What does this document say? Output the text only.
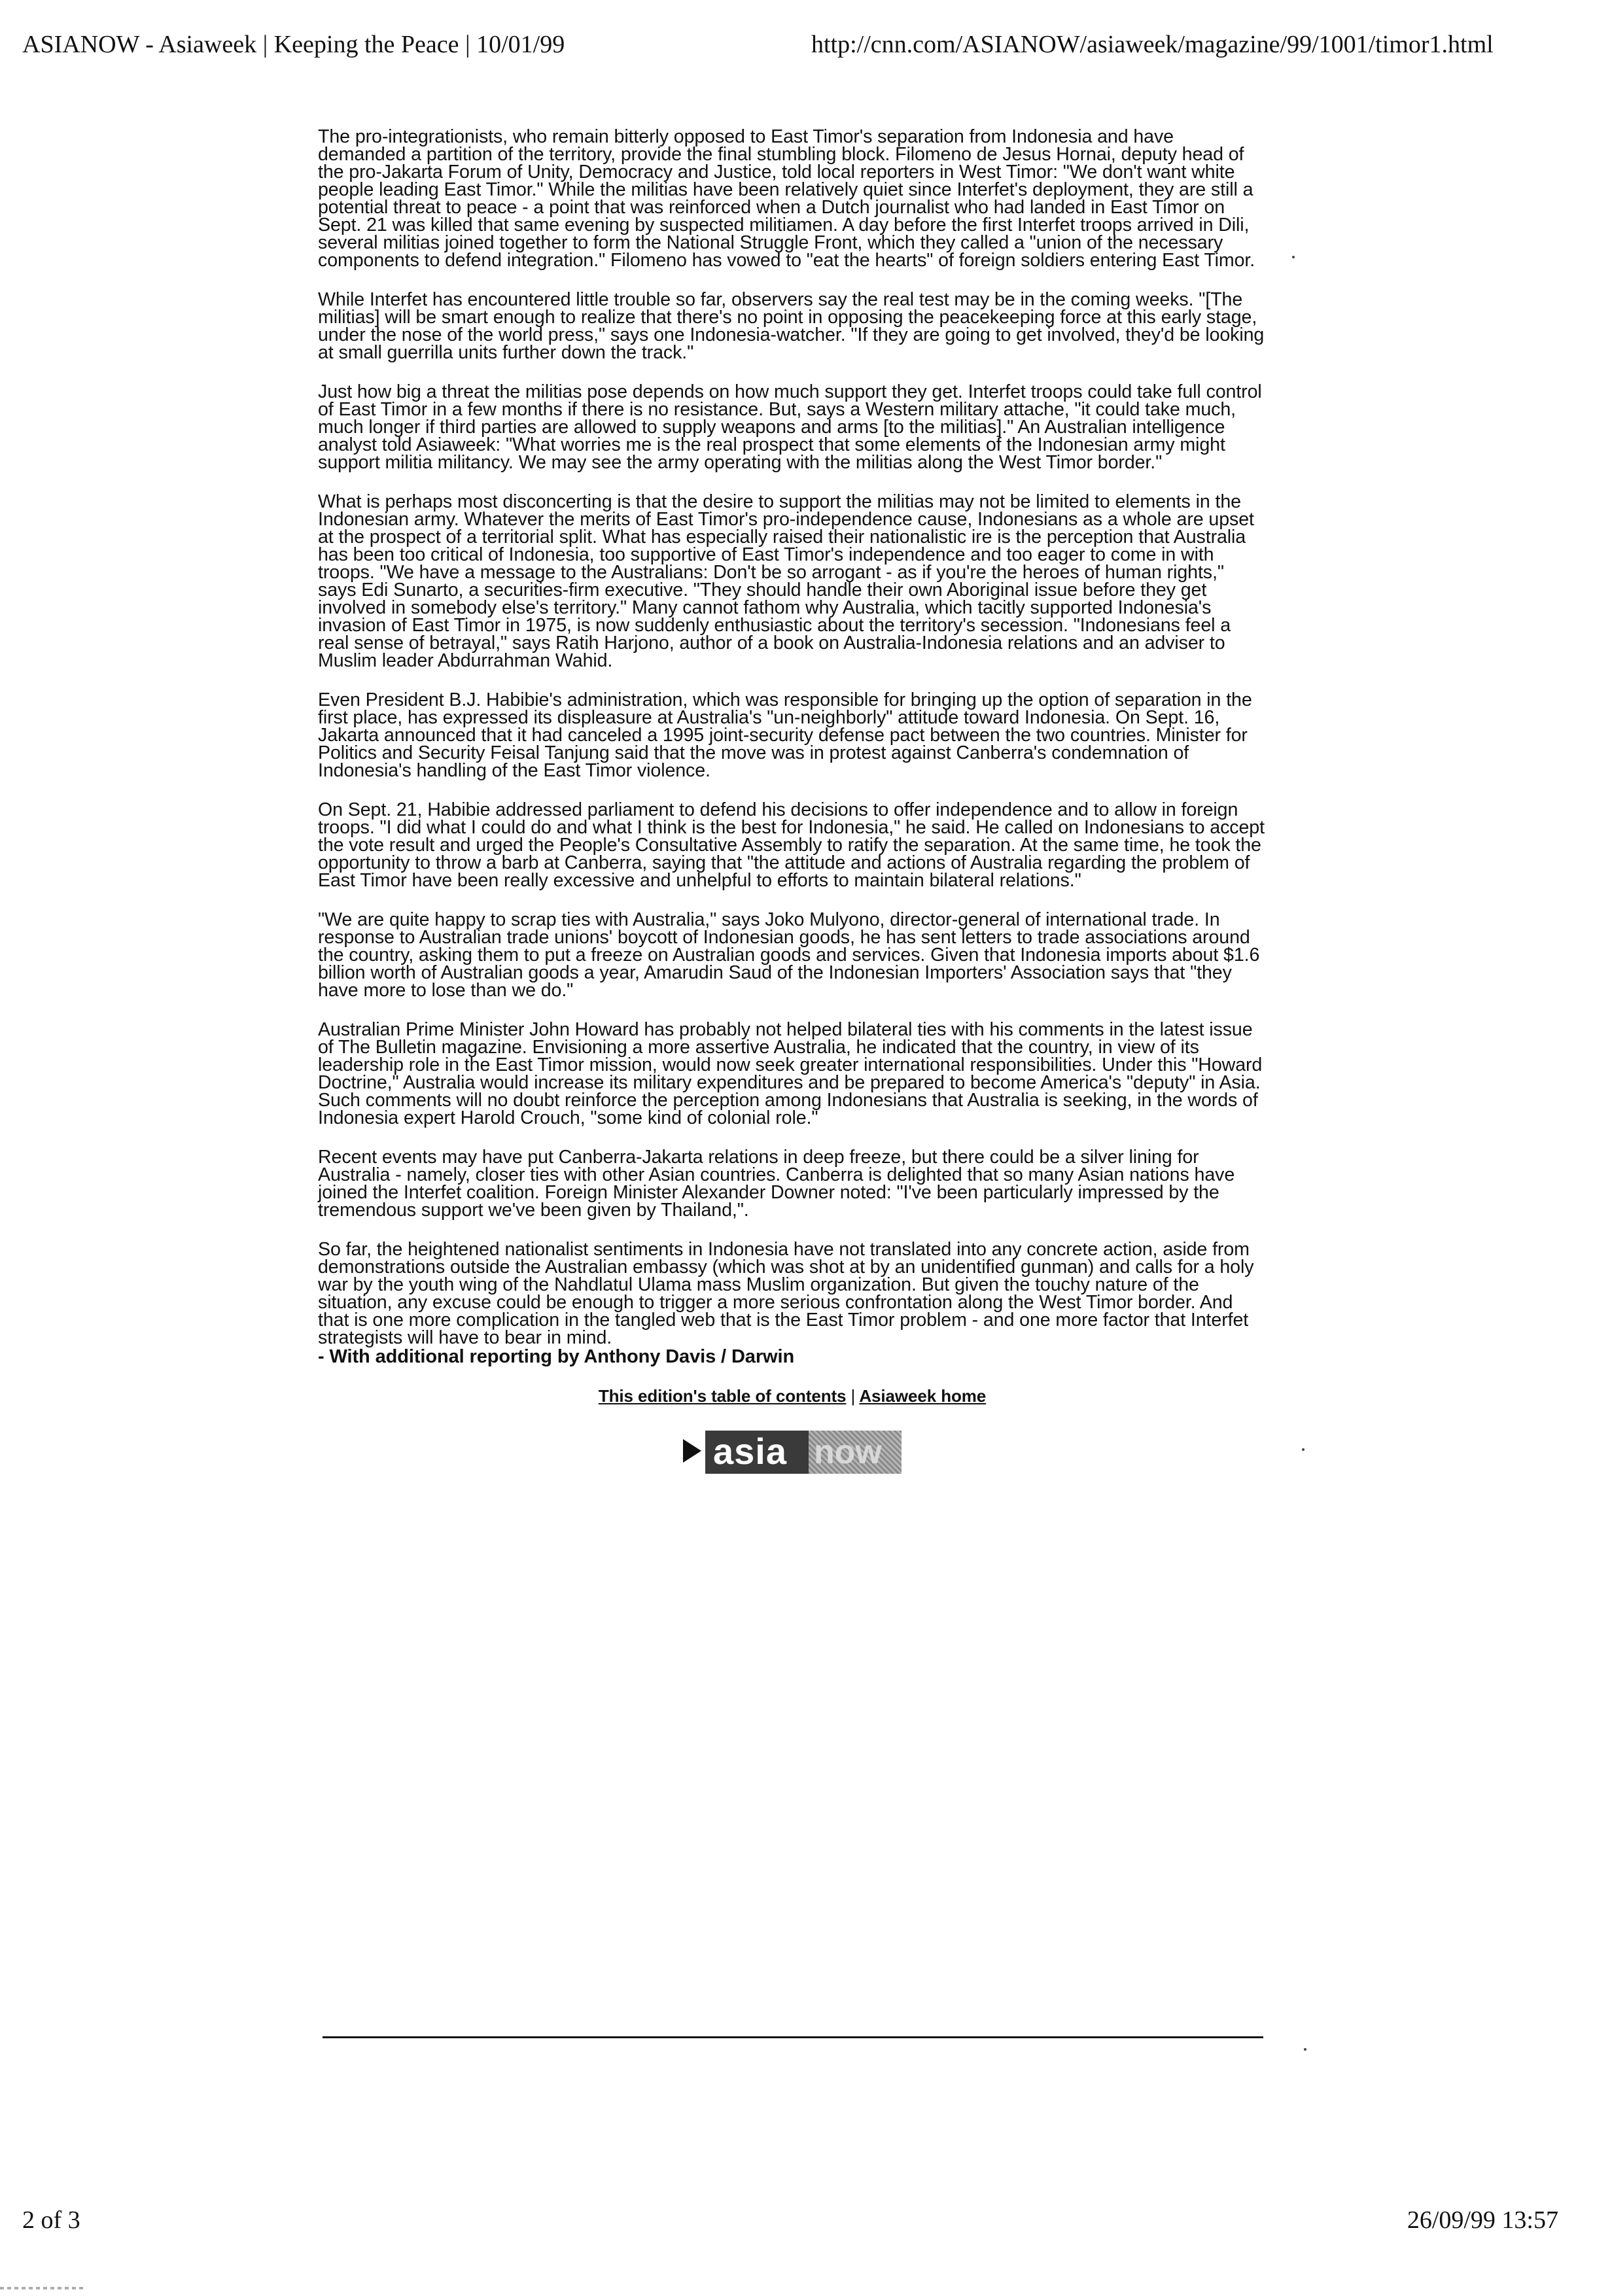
ASIANOW - Asiaweek | Keeping the Peace | 10/01/99	http://cnn.com/ASIANOW/asiaweek/magazine/99/1001/timor1.html

The pro-integrationists, who remain bitterly opposed to East Timor's separation from Indonesia and have demanded a partition of the territory, provide the final stumbling block. Filomeno de Jesus Hornai, deputy head of the pro-Jakarta Forum of Unity, Democracy and Justice, told local reporters in West Timor: "We don't want white people leading East Timor." While the militias have been relatively quiet since Interfet's deployment, they are still a potential threat to peace - a point that was reinforced when a Dutch journalist who had landed in East Timor on Sept. 21 was killed that same evening by suspected militiamen. A day before the first Interfet troops arrived in Dili, several militias joined together to form the National Struggle Front, which they called a "union of the necessary components to defend integration." Filomeno has vowed to "eat the hearts" of foreign soldiers entering East Timor.

While Interfet has encountered little trouble so far, observers say the real test may be in the coming weeks. "[The militias] will be smart enough to realize that there's no point in opposing the peacekeeping force at this early stage, under the nose of the world press," says one Indonesia-watcher. "If they are going to get involved, they'd be looking at small guerrilla units further down the track."

Just how big a threat the militias pose depends on how much support they get. Interfet troops could take full control of East Timor in a few months if there is no resistance. But, says a Western military attache, "it could take much, much longer if third parties are allowed to supply weapons and arms [to the militias]." An Australian intelligence analyst told Asiaweek: "What worries me is the real prospect that some elements of the Indonesian army might support militia militancy. We may see the army operating with the militias along the West Timor border."

What is perhaps most disconcerting is that the desire to support the militias may not be limited to elements in the Indonesian army. Whatever the merits of East Timor's pro-independence cause, Indonesians as a whole are upset at the prospect of a territorial split. What has especially raised their nationalistic ire is the perception that Australia has been too critical of Indonesia, too supportive of East Timor's independence and too eager to come in with troops. "We have a message to the Australians: Don't be so arrogant - as if you're the heroes of human rights," says Edi Sunarto, a securities-firm executive. "They should handle their own Aboriginal issue before they get involved in somebody else's territory." Many cannot fathom why Australia, which tacitly supported Indonesia's invasion of East Timor in 1975, is now suddenly enthusiastic about the territory's secession. "Indonesians feel a real sense of betrayal," says Ratih Harjono, author of a book on Australia-Indonesia relations and an adviser to Muslim leader Abdurrahman Wahid.

Even President B.J. Habibie's administration, which was responsible for bringing up the option of separation in the first place, has expressed its displeasure at Australia's "un-neighborly" attitude toward Indonesia. On Sept. 16, Jakarta announced that it had canceled a 1995 joint-security defense pact between the two countries. Minister for Politics and Security Feisal Tanjung said that the move was in protest against Canberra's condemnation of Indonesia's handling of the East Timor violence.

On Sept. 21, Habibie addressed parliament to defend his decisions to offer independence and to allow in foreign troops. "I did what I could do and what I think is the best for Indonesia," he said. He called on Indonesians to accept the vote result and urged the People's Consultative Assembly to ratify the separation. At the same time, he took the opportunity to throw a barb at Canberra, saying that "the attitude and actions of Australia regarding the problem of East Timor have been really excessive and unhelpful to efforts to maintain bilateral relations."

"We are quite happy to scrap ties with Australia," says Joko Mulyono, director-general of international trade. In response to Australian trade unions' boycott of Indonesian goods, he has sent letters to trade associations around the country, asking them to put a freeze on Australian goods and services. Given that Indonesia imports about $1.6 billion worth of Australian goods a year, Amarudin Saud of the Indonesian Importers' Association says that "they have more to lose than we do."

Australian Prime Minister John Howard has probably not helped bilateral ties with his comments in the latest issue of The Bulletin magazine. Envisioning a more assertive Australia, he indicated that the country, in view of its leadership role in the East Timor mission, would now seek greater international responsibilities. Under this "Howard Doctrine," Australia would increase its military expenditures and be prepared to become America's "deputy" in Asia. Such comments will no doubt reinforce the perception among Indonesians that Australia is seeking, in the words of Indonesia expert Harold Crouch, "some kind of colonial role."

Recent events may have put Canberra-Jakarta relations in deep freeze, but there could be a silver lining for Australia - namely, closer ties with other Asian countries. Canberra is delighted that so many Asian nations have joined the Interfet coalition. Foreign Minister Alexander Downer noted: "I've been particularly impressed by the tremendous support we've been given by Thailand,".

So far, the heightened nationalist sentiments in Indonesia have not translated into any concrete action, aside from demonstrations outside the Australian embassy (which was shot at by an unidentified gunman) and calls for a holy war by the youth wing of the Nahdlatul Ulama mass Muslim organization. But given the touchy nature of the situation, any excuse could be enough to trigger a more serious confrontation along the West Timor border. And that is one more complication in the tangled web that is the East Timor problem - and one more factor that Interfet strategists will have to bear in mind.

- With additional reporting by Anthony Davis / Darwin
This edition's table of contents | Asiaweek home
asia now
2 of 3	26/09/99 13:57
